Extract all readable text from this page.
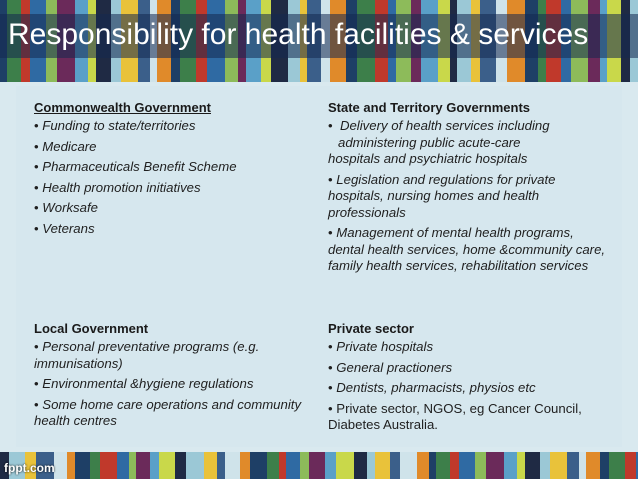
Responsibility for health facilities & services
Commonwealth Government
• Funding to state/territories
• Medicare
• Pharmaceuticals Benefit Scheme
• Health promotion initiatives
• Worksafe
• Veterans
State and Territory Governments
• Delivery of health services including
administering public acute-care
hospitals and psychiatric hospitals
• Legislation and regulations for private hospitals, nursing homes and health professionals
• Management of mental health programs, dental health services, home &community care, family health services, rehabilitation services
Local Government
• Personal preventative programs (e.g. immunisations)
• Environmental &hygiene regulations
• Some home care operations and community health centres
Private sector
• Private hospitals
• General practioners
• Dentists, pharmacists, physios etc
• Private sector, NGOS, eg Cancer Council, Diabetes Australia.

fppt.com
